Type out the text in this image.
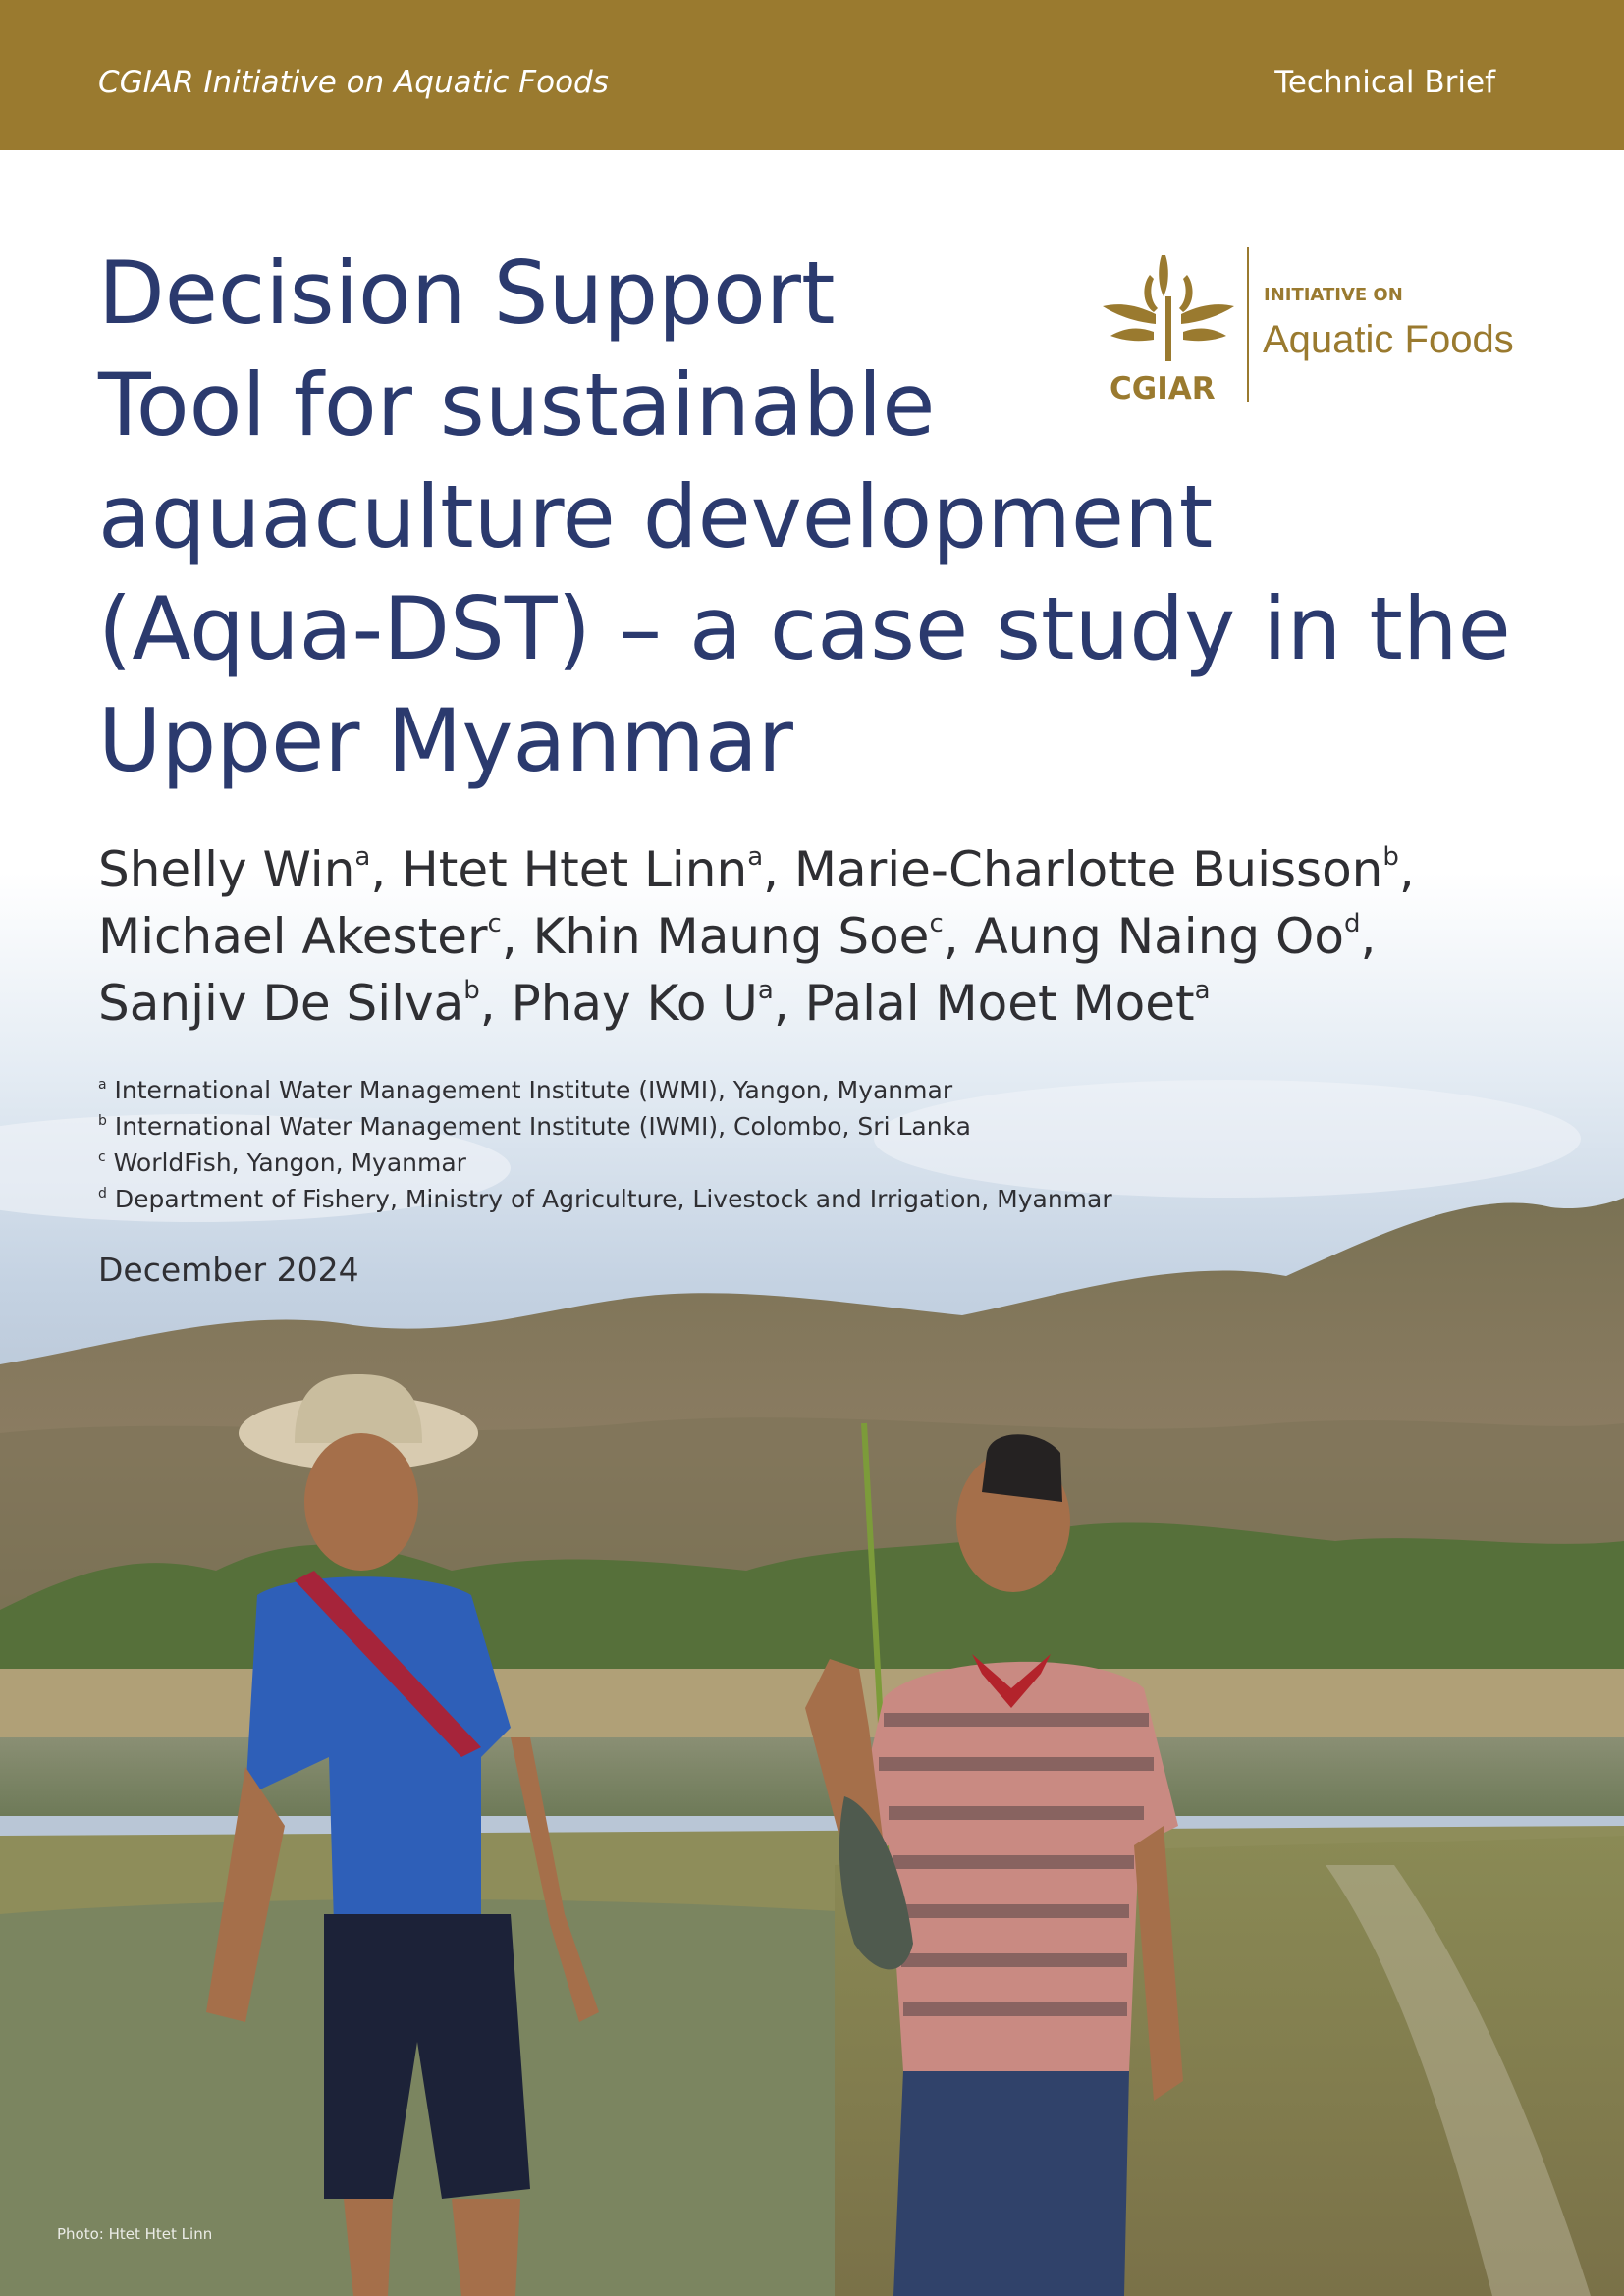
CGIAR Initiative on Aquatic Foods	Technical Brief
Decision Support
Tool for sustainable
aquaculture development
(Aqua-DST) – a case study in the
Upper Myanmar
CGIAR
INITIATIVE ON
Aquatic Foods
Shelly Win$^a$, Htet Htet Linn$^a$, Marie-Charlotte Buisson$^b$,
Michael Akester$^c$, Khin Maung Soe$^c$, Aung Naing Oo$^d$,
Sanjiv De Silva$^b$, Phay Ko $U^a$, Palal Moet Moet$^a$
$^a$ International Water Management Institute (IWMI), Yangon, Myanmar
$^b$ International Water Management Institute (IWMI), Colombo, Sri Lanka
$^c$ WorldFish, Yangon, Myanmar
$^d$ Department of Fishery, Ministry of Agriculture, Livestock and Irrigation, Myanmar
December 2024
Photo: Htet Htet Linn
